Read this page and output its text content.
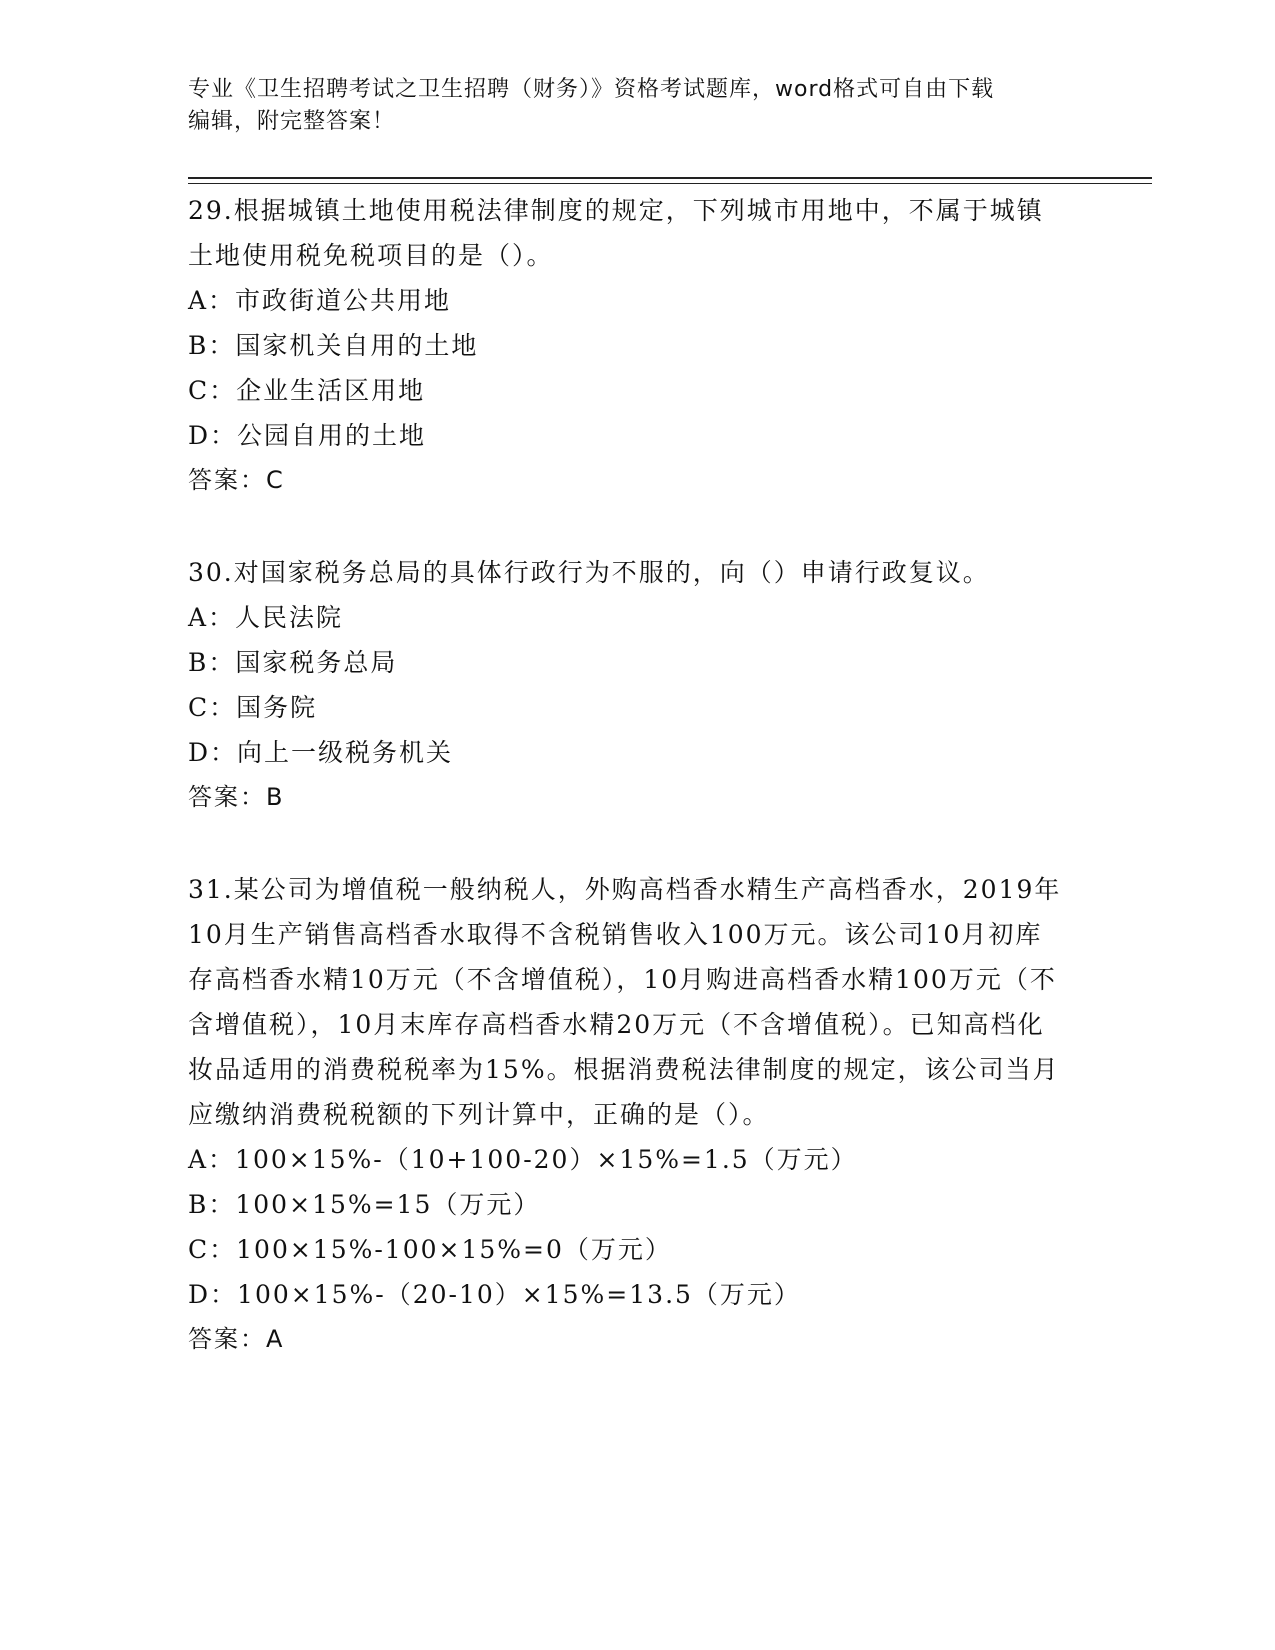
专业《卫生招聘考试之卫生招聘（财务）》资格考试题库，word格式可自由下载
编辑，附完整答案！

29.根据城镇土地使用税法律制度的规定，下列城市用地中，不属于城镇土地使用税免税项目的是（）。

A：市政街道公共用地

B：国家机关自用的土地

C：企业生活区用地

D：公园自用的土地

答案：C

30.对国家税务总局的具体行政行为不服的，向（）申请行政复议。

A：人民法院

B：国家税务总局

C：国务院

D：向上一级税务机关

答案：B

31.某公司为增值税一般纳税人，外购高档香水精生产高档香水，2019年10月生产销售高档香水取得不含税销售收入100万元。该公司10月初库存高档香水精10万元（不含增值税），10月购进高档香水精100万元（不含增值税），10月末库存高档香水精20万元（不含增值税）。已知高档化妆品适用的消费税税率为15%。根据消费税法律制度的规定，该公司当月应缴纳消费税税额的下列计算中，正确的是（）。

A：100×15%-（10+100-20）×15%=1.5（万元）

B：100×15%=15（万元）

C：100×15%-100×15%=0（万元）

D：100×15%-（20-10）×15%=13.5（万元）

答案：A
